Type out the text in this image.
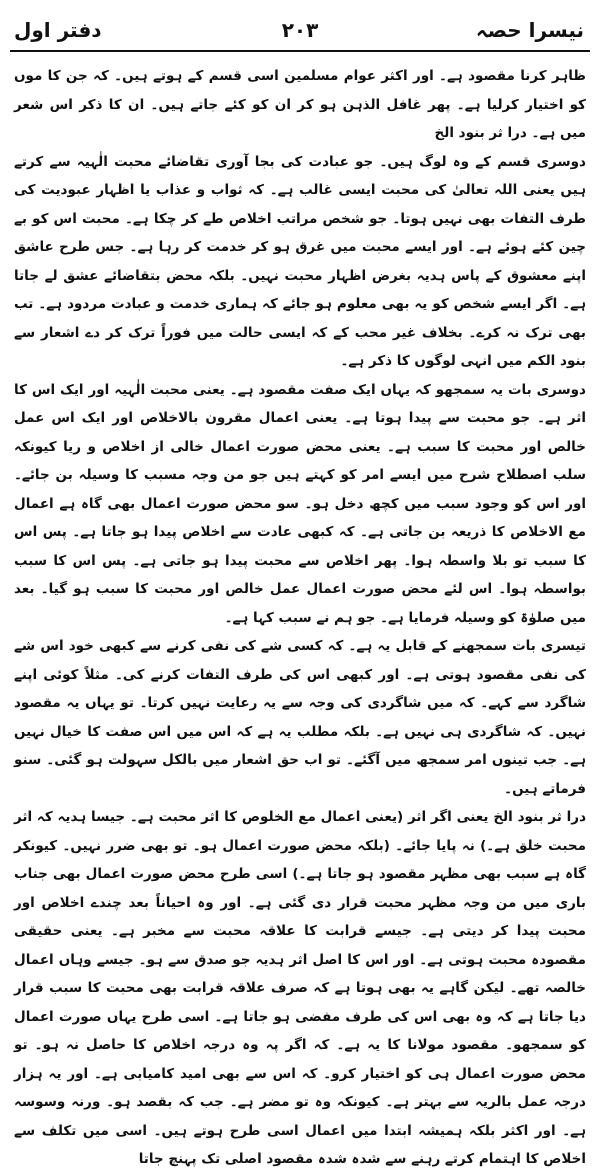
دفتر اول	۲۰۳	نیسرا حصہ

ظاہر کرنا مقصود ہے۔ اور اکثر عوام مسلمین اسی قسم کے ہوتے ہیں۔ کہ جن کا موں کو اختیار کرلیا ہے۔ پھر غافل الذہن ہو کر ان کو کئے جاتے ہیں۔ ان کا ذکر اس شعر میں ہے۔ درا ثر بنود الخ

دوسری قسم کے وہ لوگ ہیں۔ جو عبادت کی بجا آوری تقاضائے محبت الٰہیہ سے کرتے ہیں یعنی اللہ تعالیٰ کی محبت ایسی غالب ہے۔ کہ ثواب و عذاب یا اظہار عبودیت کی طرف التفات بھی نہیں ہوتا۔ جو شخص مراتب اخلاص طے کر چکا ہے۔ محبت اس کو بے چین کئے ہوئے ہے۔ اور ایسے محبت میں غرق ہو کر خدمت کر رہا ہے۔ جس طرح عاشق اپنے معشوق کے پاس ہدیہ بغرض اظہار محبت نہیں۔ بلکہ محض بتقاضائے عشق لے جاتا ہے۔ اگر ایسے شخص کو یہ بھی معلوم ہو جائے کہ ہماری خدمت و عبادت مردود ہے۔ تب بھی ترک نہ کرے۔ بخلاف غیر محب کے کہ ایسی حالت میں فوراً ترک کر دے اشعار سے بنود الکم میں انہی لوگوں کا ذکر ہے۔

دوسری بات یہ سمجھو کہ یہاں ایک صفت مقصود ہے۔ یعنی محبت الٰہیہ اور ایک اس کا اثر ہے۔ جو محبت سے پیدا ہوتا ہے۔ یعنی اعمال مقرون بالاخلاص اور ایک اس عمل خالص اور محبت کا سبب ہے۔ یعنی محض صورت اعمال خالی از اخلاص و ریا کیونکہ سلب اصطلاح شرح میں ایسے امر کو کہتے ہیں جو من وجہ مسبب کا وسیلہ بن جائے۔ اور اس کو وجود سبب میں کچھ دخل ہو۔ سو محض صورت اعمال بھی گاہ ہے اعمال مع الاخلاص کا ذریعہ بن جاتی ہے۔ کہ کبھی عادت سے اخلاص پیدا ہو جاتا ہے۔ پس اس کا سبب تو بلا واسطہ ہوا۔ پھر اخلاص سے محبت پیدا ہو جاتی ہے۔ پس اس کا سبب بواسطہ ہوا۔ اس لئے محض صورت اعمال عمل خالص اور محبت کا سبب ہو گیا۔ بعد میں صلوٰۃ کو وسیلہ فرمایا ہے۔ جو ہم نے سبب کہا ہے۔

تیسری بات سمجھنے کے قابل یہ ہے۔ کہ کسی شے کی نفی کرنے سے کبھی خود اس شے کی نفی مقصود ہوتی ہے۔ اور کبھی اس کی طرف التفات کرنے کی۔ مثلاً کوئی اپنے شاگرد سے کہے۔ کہ میں شاگردی کی وجہ سے یہ رعایت نہیں کرتا۔ تو یہاں یہ مقصود نہیں۔ کہ شاگردی ہی نہیں ہے۔ بلکہ مطلب یہ ہے کہ اس میں اس صفت کا خیال نہیں ہے۔ جب تینوں امر سمجھ میں آگئے۔ تو اب حق اشعار میں بالکل سہولت ہو گئی۔ سنو فرماتے ہیں۔

درا ثر بنود الخ یعنی اگر اثر (یعنی اعمال مع الخلوص کا اثر محبت ہے۔ جیسا ہدیہ کہ اثر محبت خلق ہے۔) نہ پایا جائے۔ (بلکہ محض صورت اعمال ہو۔ تو بھی ضرر نہیں۔ کیونکر گاہ ہے سبب بھی مظہر مقصود ہو جاتا ہے۔) اسی طرح محض صورت اعمال بھی جناب باری میں من وجہ مظہر محبت قرار دی گئی ہے۔ اور وہ احیاناً بعد چندے اخلاص اور محبت پیدا کر دیتی ہے۔ جیسے قرابت کا علاقہ محبت سے مخبر ہے۔ یعنی حقیقی مقصودہ محبت ہوتی ہے۔ اور اس کا اصل اثر ہدیہ جو صدق سے ہو۔ جیسے وہاں اعمال خالصہ تھے۔ لیکن گاہے یہ بھی ہوتا ہے کہ صرف علاقہ قرابت بھی محبت کا سبب قرار دیا جاتا ہے کہ وہ بھی اس کی طرف مفضی ہو جاتا ہے۔ اسی طرح یہاں صورت اعمال کو سمجھو۔ مقصود مولانا کا یہ ہے۔ کہ اگر پہ وہ درجہ اخلاص کا حاصل نہ ہو۔ تو محض صورت اعمال ہی کو اختیار کرو۔ کہ اس سے بھی امید کامیابی ہے۔ اور یہ ہزار درجہ عمل بالریہ سے بہتر ہے۔ کیونکہ وہ تو مضر ہے۔ جب کہ بقصد ہو۔ ورنہ وسوسہ ہے۔ اور اکثر بلکہ ہمیشہ ابتدا میں اعمال اسی طرح ہوتے ہیں۔ اسی میں تکلف سے اخلاص کا اہتمام کرتے رہنے سے شدہ شدہ مقصود اصلی تک پہنچ جاتا
